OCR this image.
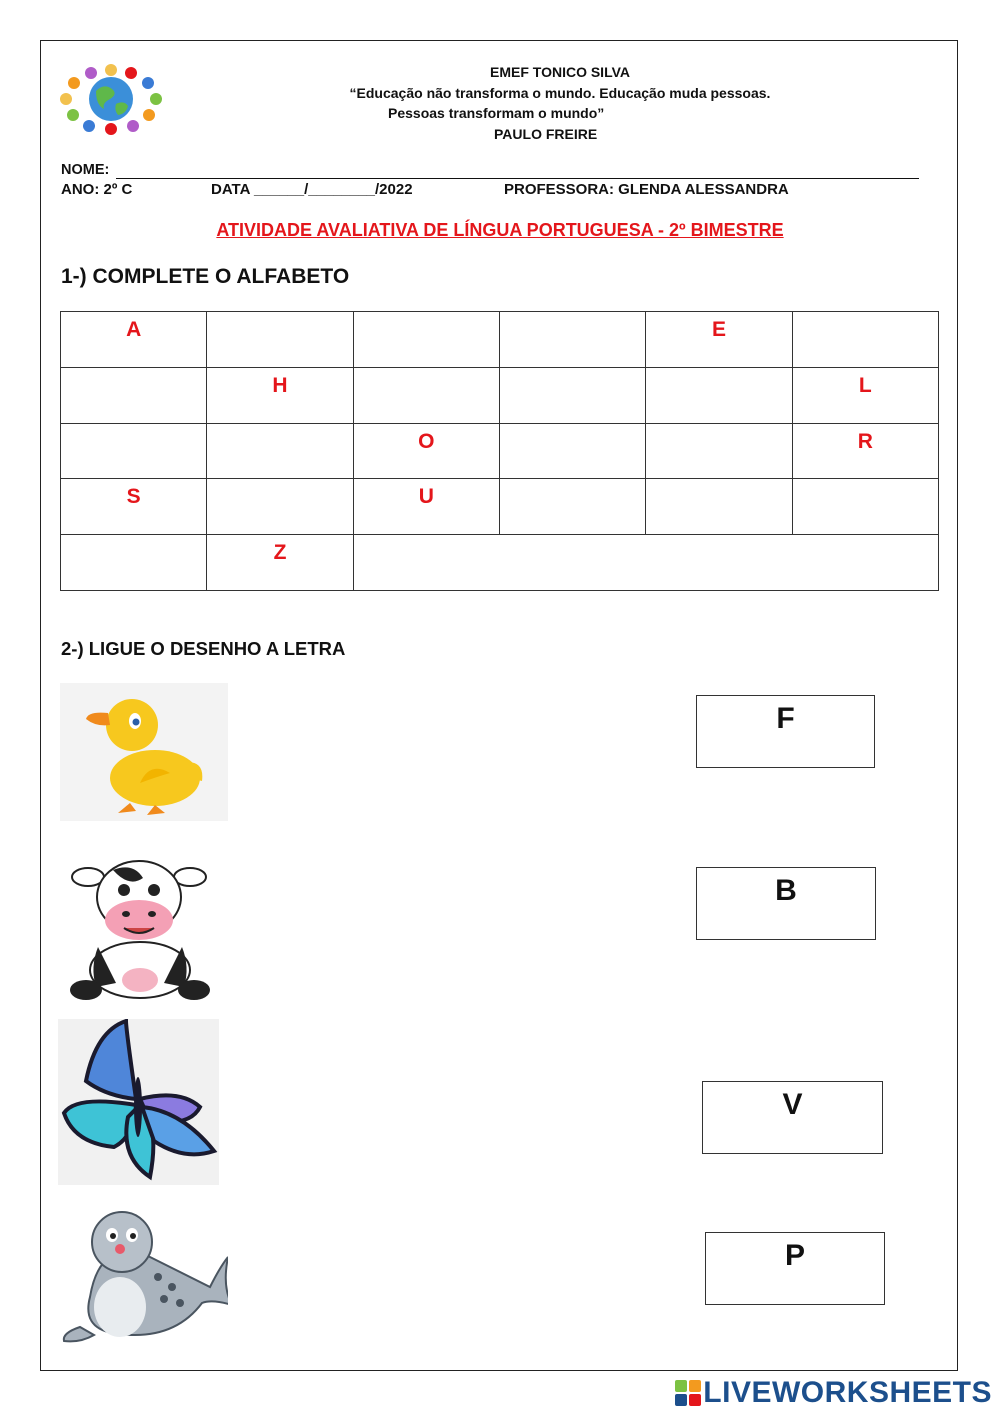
EMEF TONICO SILVA
“Educação não transforma o mundo. Educação muda pessoas.
Pessoas transformam o mundo”
PAULO FREIRE
NOME:
ANO: 2º C	DATA ______/________/2022	PROFESSORA: GLENDA ALESSANDRA
ATIVIDADE AVALIATIVA DE LÍNGUA PORTUGUESA - 2º BIMESTRE
1-) COMPLETE O ALFABETO
A				E	
	H				L
		O			R
S		U			
	Z				
2-) LIGUE O DESENHO A LETRA
F
B
V
P
LIVEWORKSHEETS
